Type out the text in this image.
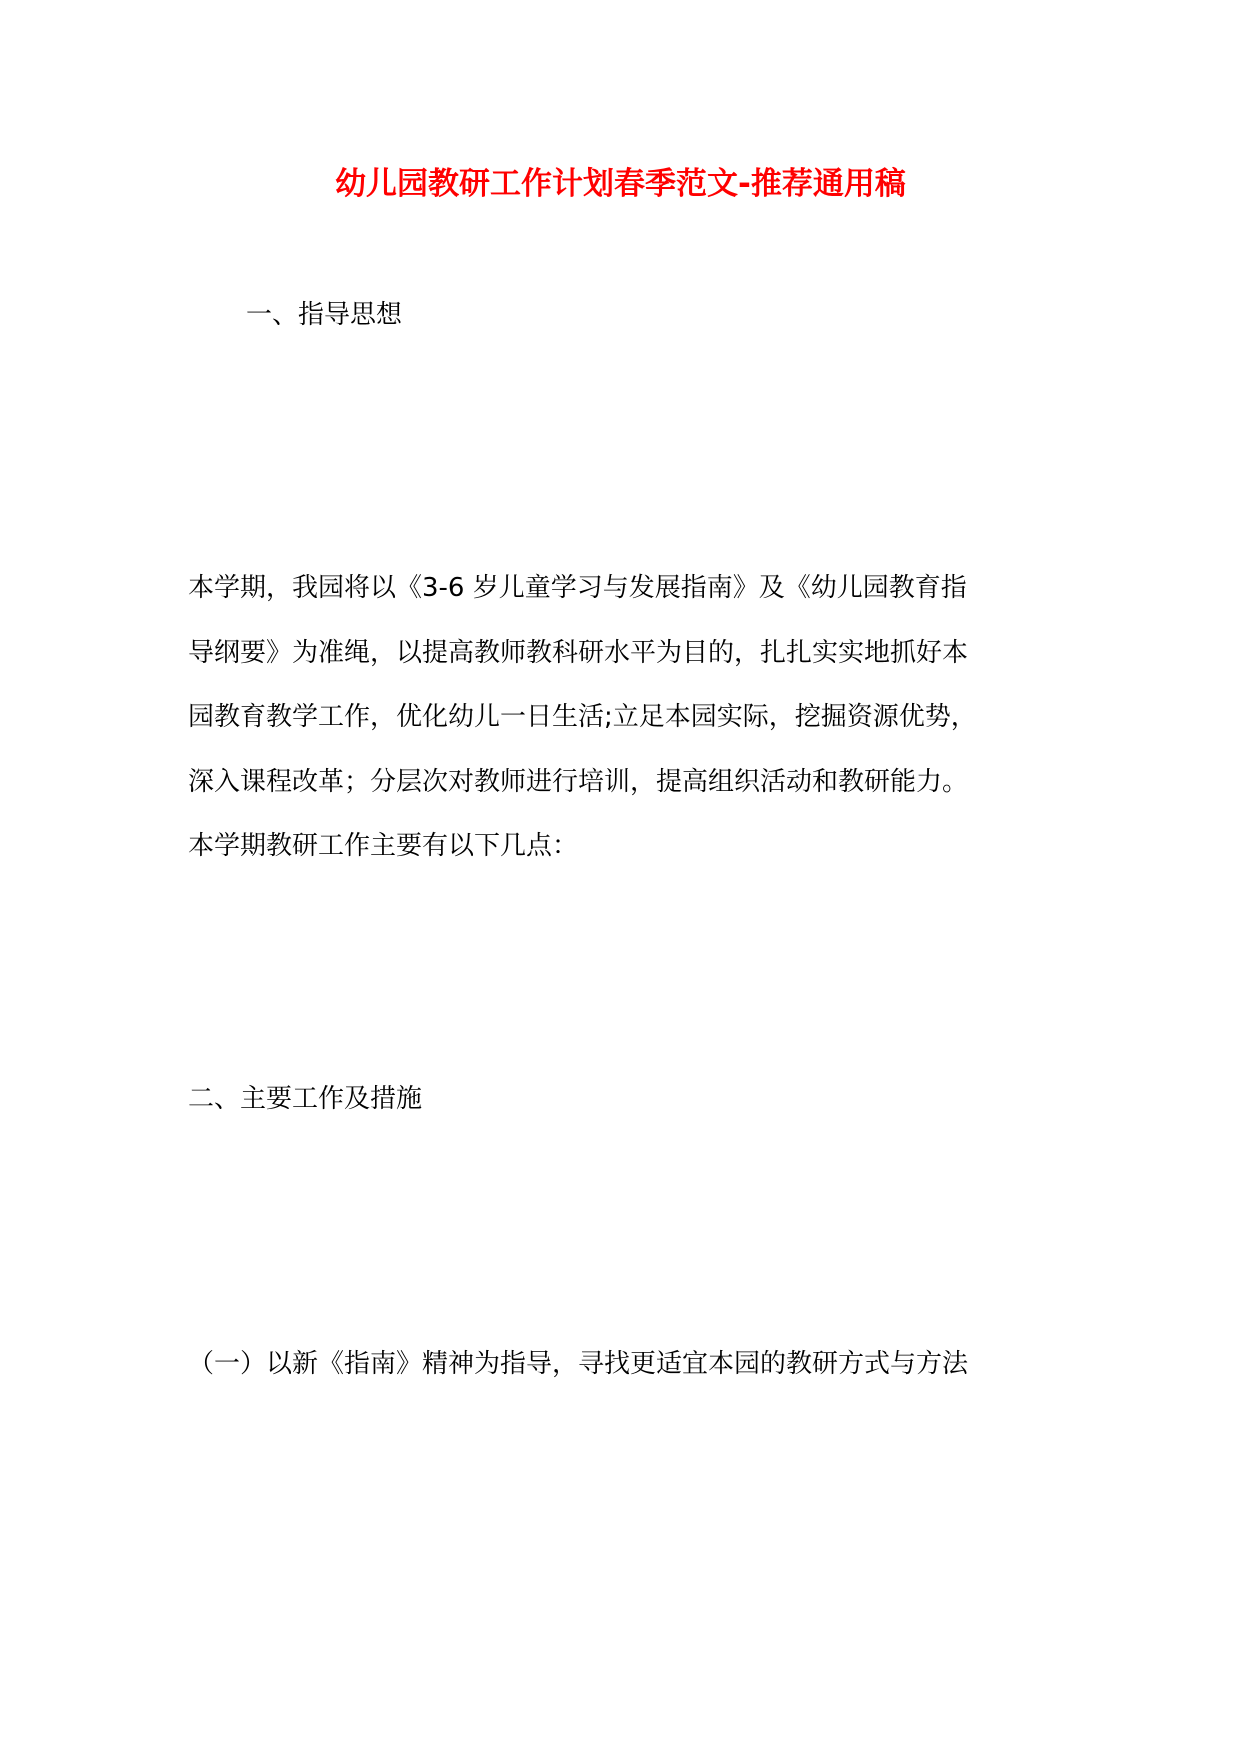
幼儿园教研工作计划春季范文-推荐通用稿

一、指导思想

本学期，我园将以《3-6 岁儿童学习与发展指南》及《幼儿园教育指
导纲要》为准绳，以提高教师教科研水平为目的，扎扎实实地抓好本
园教育教学工作，优化幼儿一日生活;立足本园实际，挖掘资源优势，
深入课程改革；分层次对教师进行培训，提高组织活动和教研能力。
本学期教研工作主要有以下几点：

二、主要工作及措施

（一）以新《指南》精神为指导，寻找更适宜本园的教研方式与方法
